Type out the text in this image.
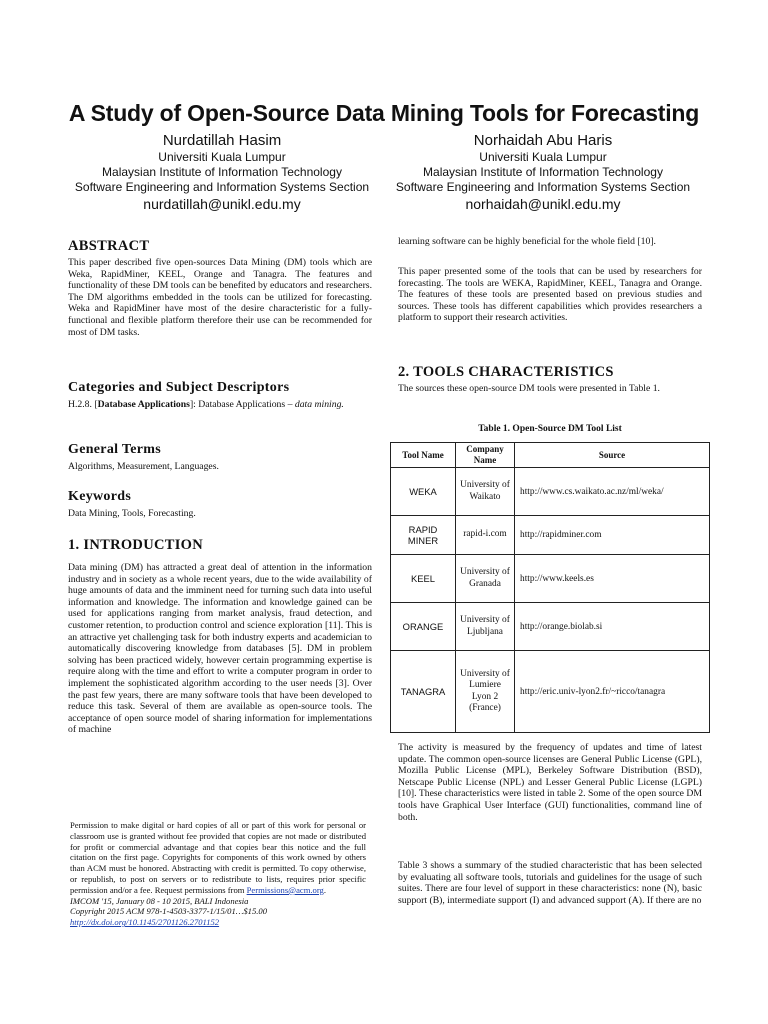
A Study of Open-Source Data Mining Tools for Forecasting
Nurdatillah Hasim
Universiti Kuala Lumpur
Malaysian Institute of Information Technology
Software Engineering and Information Systems Section
nurdatillah@unikl.edu.my
Norhaidah Abu Haris
Universiti Kuala Lumpur
Malaysian Institute of Information Technology
Software Engineering and Information Systems Section
norhaidah@unikl.edu.my
ABSTRACT

This paper described five open-sources Data Mining (DM) tools which are Weka, RapidMiner, KEEL, Orange and Tanagra. The features and functionality of these DM tools can be benefited by educators and researchers. The DM algorithms embedded in the tools can be utilized for forecasting. Weka and RapidMiner have most of the desire characteristic for a fully-functional and flexible platform therefore their use can be recommended for most of DM tasks.

Categories and Subject Descriptors

H.2.8. [Database Applications]: Database Applications – data mining.

General Terms

Algorithms, Measurement, Languages.

Keywords

Data Mining, Tools, Forecasting.

1. INTRODUCTION

Data mining (DM) has attracted a great deal of attention in the information industry and in society as a whole recent years, due to the wide availability of huge amounts of data and the imminent need for turning such data into useful information and knowledge. The information and knowledge gained can be used for applications ranging from market analysis, fraud detection, and customer retention, to production control and science exploration [11]. This is an attractive yet challenging task for both industry experts and academician to automatically discovering knowledge from databases [5]. DM in problem solving has been practiced widely, however certain programming expertise is require along with the time and effort to write a computer program in order to implement the sophisticated algorithm according to the user needs [3]. Over the past few years, there are many software tools that have been developed to reduce this task. Several of them are available as open-source tools. The acceptance of open source model of sharing information for implementations of machine

Permission to make digital or hard copies of all or part of this work for personal or classroom use is granted without fee provided that copies are not made or distributed for profit or commercial advantage and that copies bear this notice and the full citation on the first page. Copyrights for components of this work owned by others than ACM must be honored. Abstracting with credit is permitted. To copy otherwise, or republish, to post on servers or to redistribute to lists, requires prior specific permission and/or a fee. Request permissions from Permissions@acm.org.
IMCOM '15, January 08 - 10 2015, BALI Indonesia
Copyright 2015 ACM 978-1-4503-3377-1/15/01…$15.00
http://dx.doi.org/10.1145/2701126.2701152

learning software can be highly beneficial for the whole field [10].

This paper presented some of the tools that can be used by researchers for forecasting. The tools are WEKA, RapidMiner, KEEL, Tanagra and Orange. The features of these tools are presented based on previous studies and sources. These tools has different capabilities which provides researchers a platform to support their research activities.

2. TOOLS CHARACTERISTICS

The sources these open-source DM tools were presented in Table 1.

Table 1. Open-Source DM Tool List
Tool Name	Company Name	Source
WEKA	University of Waikato	http://www.cs.waikato.ac.nz/ml/weka/
RAPID MINER	rapid-i.com	http://rapidminer.com
KEEL	University of Granada	http://www.keels.es
ORANGE	University of Ljubljana	http://orange.biolab.si
TANAGRA	University of Lumiere Lyon 2 (France)	http://eric.univ-lyon2.fr/~ricco/tanagra

The activity is measured by the frequency of updates and time of latest update. The common open-source licenses are General Public License (GPL), Mozilla Public License (MPL), Berkeley Software Distribution (BSD), Netscape Public License (NPL) and Lesser General Public License (LGPL) [10]. These characteristics were listed in table 2. Some of the open source DM tools have Graphical User Interface (GUI) functionalities, command line of both.

Table 3 shows a summary of the studied characteristic that has been selected by evaluating all software tools, tutorials and guidelines for the usage of such suites. There are four level of support in these characteristics: none (N), basic support (B), intermediate support (I) and advanced support (A). If there are no
